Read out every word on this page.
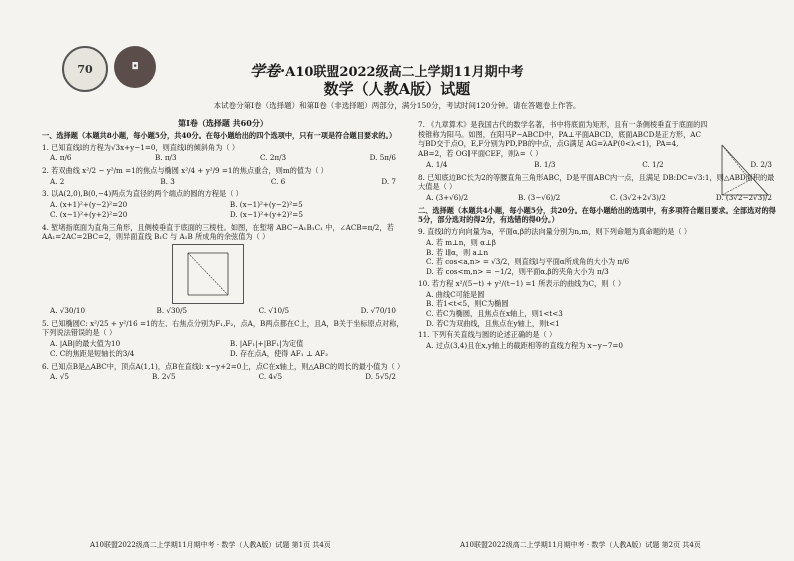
70	◘	学卷·A10联盟2022级高二上学期11月期中考
数学（人教A版）试题
本试卷分第Ⅰ卷（选择题）和第Ⅱ卷（非选择题）两部分，满分150分，考试时间120分钟。请在答题卷上作答。
第Ⅰ卷（选择题 共60分）
一、选择题（本题共8小题，每小题5分，共40分。在每小题给出的四个选项中，只有一项是符合题目要求的。）
1. 已知直线l的方程为√3x+y−1=0，则直线l的倾斜角为（ ）
A. π/6	B. π/3	C. 2π/3	D. 5π/6
2. 若双曲线 x²/2 − y²/m =1的焦点与椭圆 x²/4 + y²/9 =1的焦点重合，则m的值为（ ）
A. 2	B. 3	C. 6	D. 7
3. 以A(2,0),B(0,−4)两点为直径的两个端点的圆的方程是（ ）
A. (x+1)²+(y−2)²=20	B. (x−1)²+(y−2)²=5
C. (x−1)²+(y+2)²=20	D. (x−1)²+(y+2)²=5
4. 堑堵指底面为直角三角形，且侧棱垂直于底面的三棱柱。如图，在堑堵 ABC−A₁B₁C₁ 中，∠ACB=π/2，若 AA₁=2AC=2BC=2，则异面直线 B₁C 与 A₁B 所成角的余弦值为（ ）
A. √30/10	B. √30/5	C. √10/5	D. √70/10
5. 已知椭圆C: x²/25 + y²/16 =1的左、右焦点分别为F₁,F₂，点A，B两点都在C上，且A，B关于坐标原点对称，下列说法错误的是（ ）
A. |AB|的最大值为10	B. |AF₁|+|BF₁|为定值
C. C的焦距是短轴长的3/4	D. 存在点A，使得 AF₁ ⊥ AF₂
6. 已知点B是△ABC中，顶点A(1,1)，点B在直线l: x−y+2=0上，点C在x轴上，则△ABC的周长的最小值为（ ）
A. √5	B. 2√5	C. 4√5	D. 5√5/2
7. 《九章算术》是我国古代的数学名著，书中将底面为矩形，且有一条侧棱垂直于底面的四棱锥称为阳马。如图，在阳马P−ABCD中，PA⊥平面ABCD，底面ABCD是正方形，AC与BD交于点O，E,F分别为PD,PB的中点，点G满足 AG=λAP(0<λ<1)，PA=4, AB=2，若 OG∥平面CEF，则λ=（ ）
A. 1/4	B. 1/3	C. 1/2	D. 2/3
8. 已知底边BC长为2的等腰直角三角形ABC，D是平面ABC内一点，且满足 DB:DC=√3:1，则△ABD面积的最大值是（ ）
A. (3+√6)/2	B. (3−√6)/2	C. (3√2+2√3)/2	D. (3√2−2√3)/2
二、选择题（本题共4小题，每小题5分，共20分。在每小题给出的选项中，有多项符合题目要求。全部选对的得5分，部分选对的得2分，有选错的得0分。）
9. 直线l的方向向量为a，平面α,β的法向量分别为n,m，则下列命题为真命题的是（ ）
A. 若 m⊥n，则 α⊥β
B. 若 l∥α，则 a⊥n
C. 若 cos<a,n> = √3/2，则直线l与平面α所成角的大小为 π/6
D. 若 cos<m,n> = −1/2，则平面α,β的夹角大小为 π/3
10. 若方程 x²/(5−t) + y²/(t−1) =1 所表示的曲线为C，则（ ）
A. 曲线C可能是圆
B. 若1<t<5，则C为椭圆
C. 若C为椭圆，且焦点在x轴上，则1<t<3
D. 若C为双曲线，且焦点在y轴上，则t<1
11. 下列有关直线与圆的论述正确的是（ ）
A. 过点(3,4)且在x,y轴上的截距相等的直线方程为 x−y−7=0
A10联盟2022级高二上学期11月期中考 · 数学（人教A版）试题 第1页 共4页	A10联盟2022级高二上学期11月期中考 · 数学（人教A版）试题 第2页 共4页
